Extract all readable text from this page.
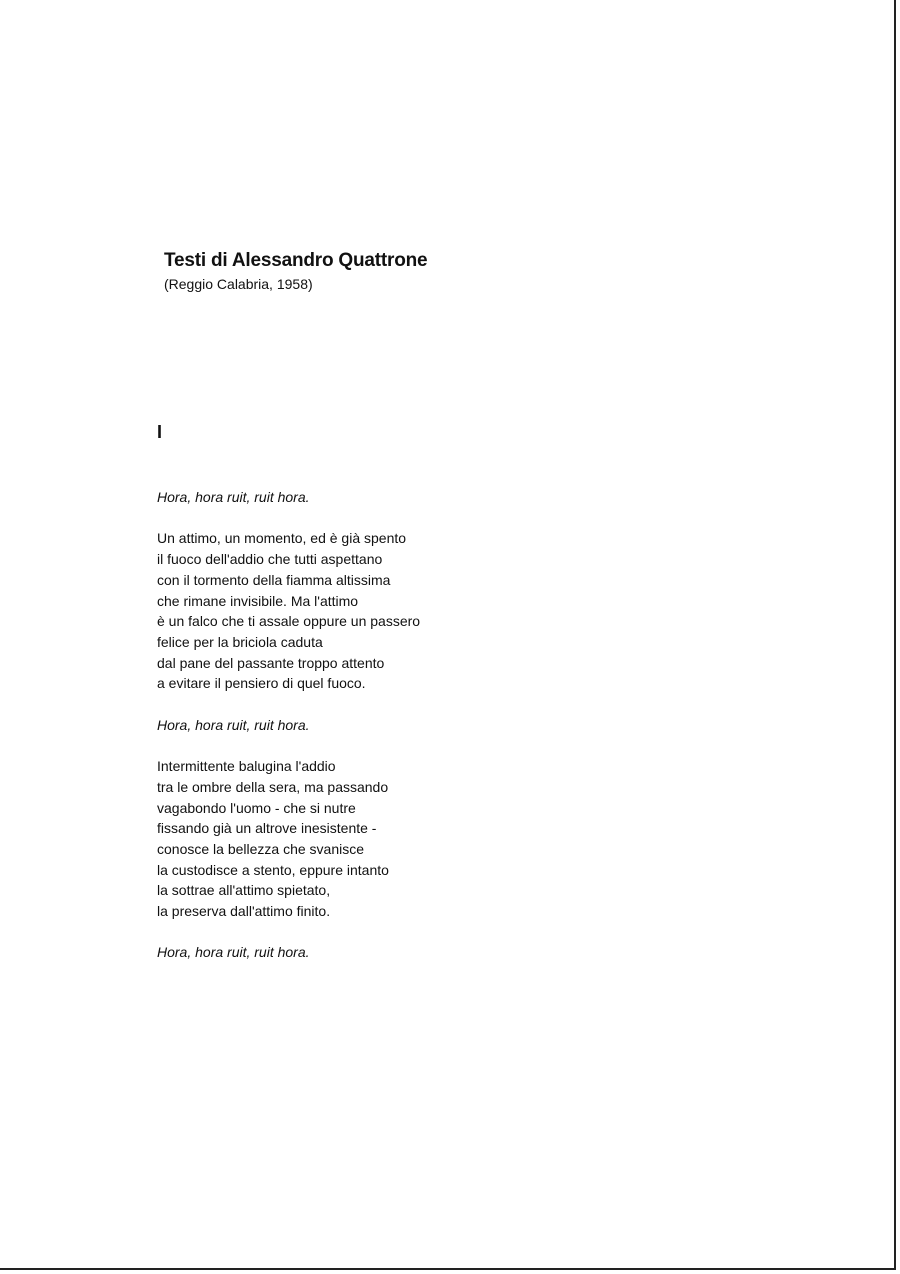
Testi di Alessandro Quattrone
(Reggio Calabria, 1958)
I
Hora, hora ruit, ruit hora.
Un attimo, un momento, ed è già spento
il fuoco dell'addio che tutti aspettano
con il tormento della fiamma altissima
che rimane invisibile. Ma l'attimo
è un falco che ti assale oppure un passero
felice per la briciola caduta
dal pane del passante troppo attento
a evitare il pensiero di quel fuoco.
Hora, hora ruit, ruit hora.
Intermittente balugina l'addio
tra le ombre della sera, ma passando
vagabondo l'uomo - che si nutre
fissando già un altrove inesistente -
conosce la bellezza che svanisce
la custodisce a stento, eppure intanto
la sottrae all'attimo spietato,
la preserva dall'attimo finito.
Hora, hora ruit, ruit hora.
